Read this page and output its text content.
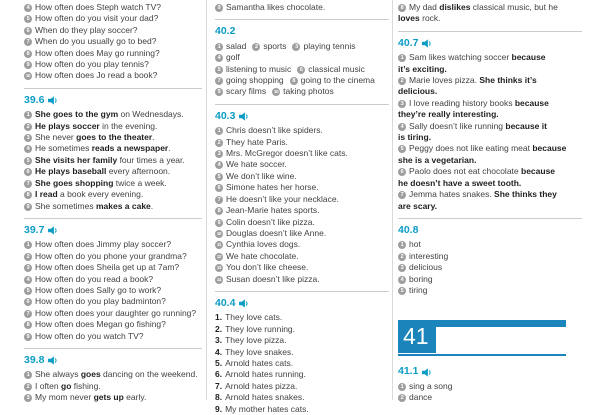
4 How often does Steph watch TV?
5 How often do you visit your dad?
6 When do they play soccer?
7 When do you usually go to bed?
8 How often does May go running?
9 How often do you play tennis?
10 How often does Jo read a book?
39.6
1 She goes to the gym on Wednesdays.
2 He plays soccer in the evening.
3 She never goes to the theater.
4 He sometimes reads a newspaper.
5 She visits her family four times a year.
6 He plays baseball every afternoon.
7 She goes shopping twice a week.
8 I read a book every evening.
9 She sometimes makes a cake.
39.7
1 How often does Jimmy play soccer?
2 How often do you phone your grandma?
3 How often does Sheila get up at 7am?
4 How often do you read a book?
5 How often does Sally go to work?
6 How often do you play badminton?
7 How often does your daughter go running?
8 How often does Megan go fishing?
9 How often do you watch TV?
39.8
1 She always goes dancing on the weekend.
2 I often go fishing.
3 My mom never gets up early.
9 Samantha likes chocolate.
40.2
1 salad 2 sports 3 playing tennis4 golf
5 listening to music 6 classical music
7 going shopping 8 going to the cinema
9 scary films 10 taking photos
40.3
1 Chris doesn’t like spiders.
2 They hate Paris.
3 Mrs. McGregor doesn’t like cats.
4 We hate soccer.
5 We don’t like wine.
6 Simone hates her horse.
7 He doesn’t like your necklace.
8 Jean-Marie hates sports.
9 Colin doesn’t like pizza.
10 Douglas doesn’t like Anne.
11 Cynthia loves dogs.
12 We hate chocolate.
13 You don’t like cheese.
14 Susan doesn’t like pizza.
40.4
1. They love cats.
2. They love running.
3. They love pizza.
4. They love snakes.
5. Arnold hates cats.
6. Arnold hates running.
7. Arnold hates pizza.
8. Arnold hates snakes.
9. My mother hates cats.
8 My dad dislikes classical music, but he
loves rock.
40.7
1 Sam likes watching soccer because
it’s exciting.
2 Marie loves pizza. She thinks it’s
delicious.
3 I love reading history books because
they’re really interesting.
4 Sally doesn’t like running because it
is tiring.
5 Peggy does not like eating meat because
she is a vegetarian.
6 Paolo does not eat chocolate because
he doesn’t have a sweet tooth.
7 Jemma hates snakes. She thinks they
are scary.
40.8
1 hot
2 interesting
3 delicious
4 boring
5 tiring
41
41.1
1 sing a song
2 dance
